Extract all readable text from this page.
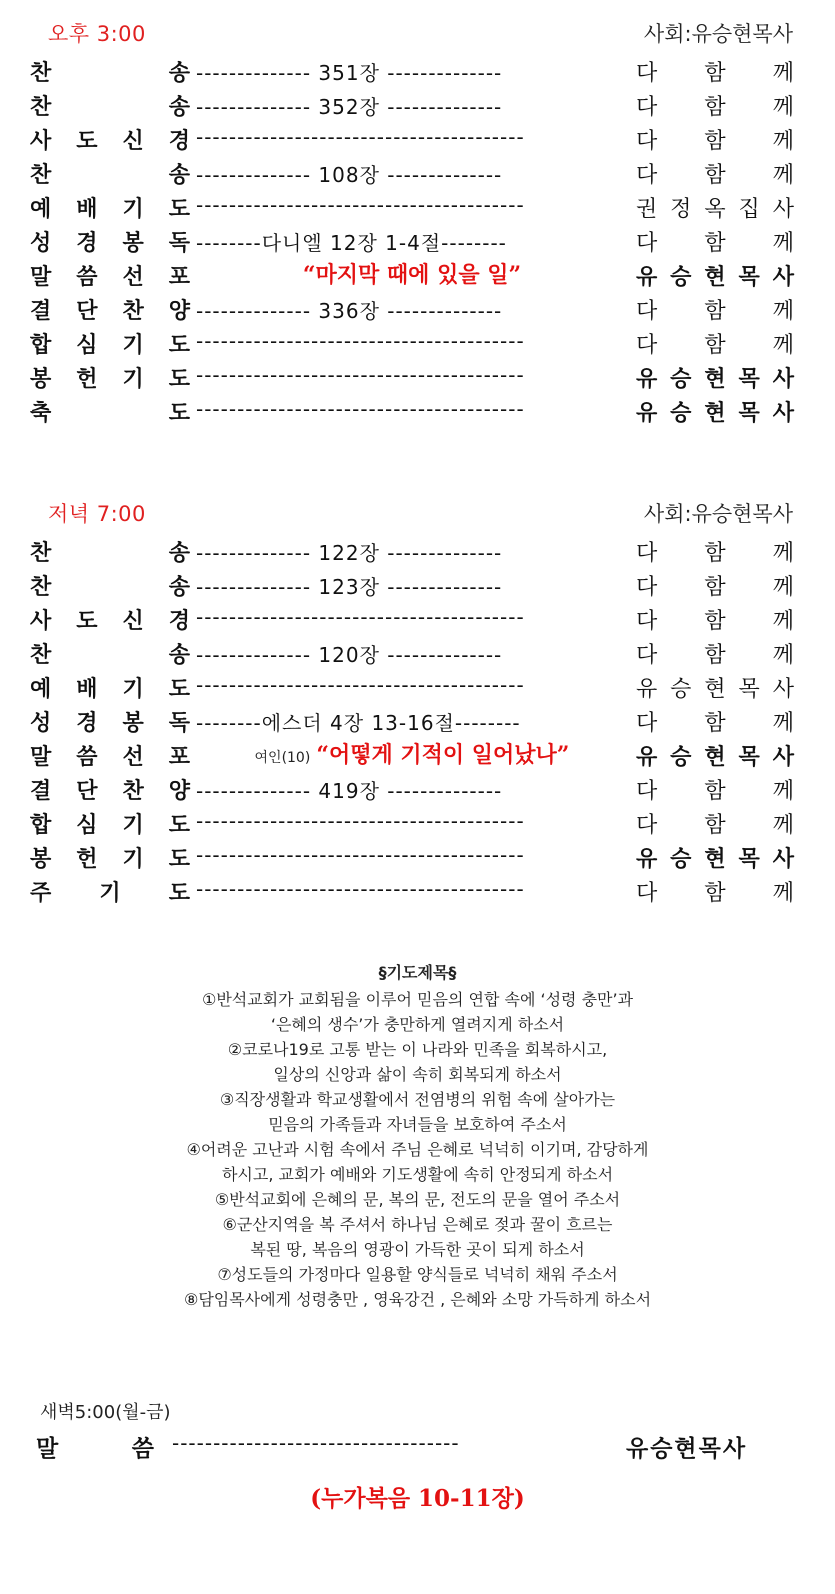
오후 3:00	사회:유승현목사
찬	송 -------------- 351장 --------------	다 함 께
찬	송 -------------- 352장 --------------	다 함 께
사 도 신 경 ----------------------------------------	다 함 께
찬	송 -------------- 108장 --------------	다 함 께
예 배 기 도 ----------------------------------------	권 정 옥 집 사
성 경 봉 독 --------다니엘 12장 1-4절--------	다 함 께
말 씀 선 포	“마지막 때에 있을 일”	유 승 현 목 사
결 단 찬 양 -------------- 336장 --------------	다 함 께
합 심 기 도 ----------------------------------------	다 함 께
봉 헌 기 도 ----------------------------------------	유 승 현 목 사
축	도 ----------------------------------------	유 승 현 목 사
저녁 7:00	사회:유승현목사
찬	송 -------------- 122장 --------------	다 함 께
찬	송 -------------- 123장 --------------	다 함 께
사 도 신 경 ----------------------------------------	다 함 께
찬	송 -------------- 120장 --------------	다 함 께
예 배 기 도 ----------------------------------------	유 승 현 목 사
성 경 봉 독 --------에스더 4장 13-16절--------	다 함 께
말 씀 선 포	여인(10) “어떻게 기적이 일어났나”	유 승 현 목 사
결 단 찬 양 -------------- 419장 --------------	다 함 께
합 심 기 도 ----------------------------------------	다 함 께
봉 헌 기 도 ----------------------------------------	유 승 현 목 사
주 기 도 ----------------------------------------	다 함 께
§기도제목§
①반석교회가 교회됨을 이루어 믿음의 연합 속에 ‘성령 충만’과
‘은혜의 생수’가 충만하게 열려지게 하소서
②코로나19로 고통 받는 이 나라와 민족을 회복하시고,
일상의 신앙과 삶이 속히 회복되게 하소서
③직장생활과 학교생활에서 전염병의 위험 속에 살아가는
믿음의 가족들과 자녀들을 보호하여 주소서
④어려운 고난과 시험 속에서 주님 은혜로 넉넉히 이기며, 감당하게
하시고, 교회가 예배와 기도생활에 속히 안정되게 하소서
⑤반석교회에 은혜의 문, 복의 문, 전도의 문을 열어 주소서
⑥군산지역을 복 주셔서 하나님 은혜로 젖과 꿀이 흐르는
복된 땅, 복음의 영광이 가득한 곳이 되게 하소서
⑦성도들의 가정마다 일용할 양식들로 넉넉히 채워 주소서
⑧담임목사에게 성령충만 , 영육강건 , 은혜와 소망 가득하게 하소서
새벽5:00(월-금)
말	씀 -----------------------------------	유승현목사
(누가복음 10-11장)
